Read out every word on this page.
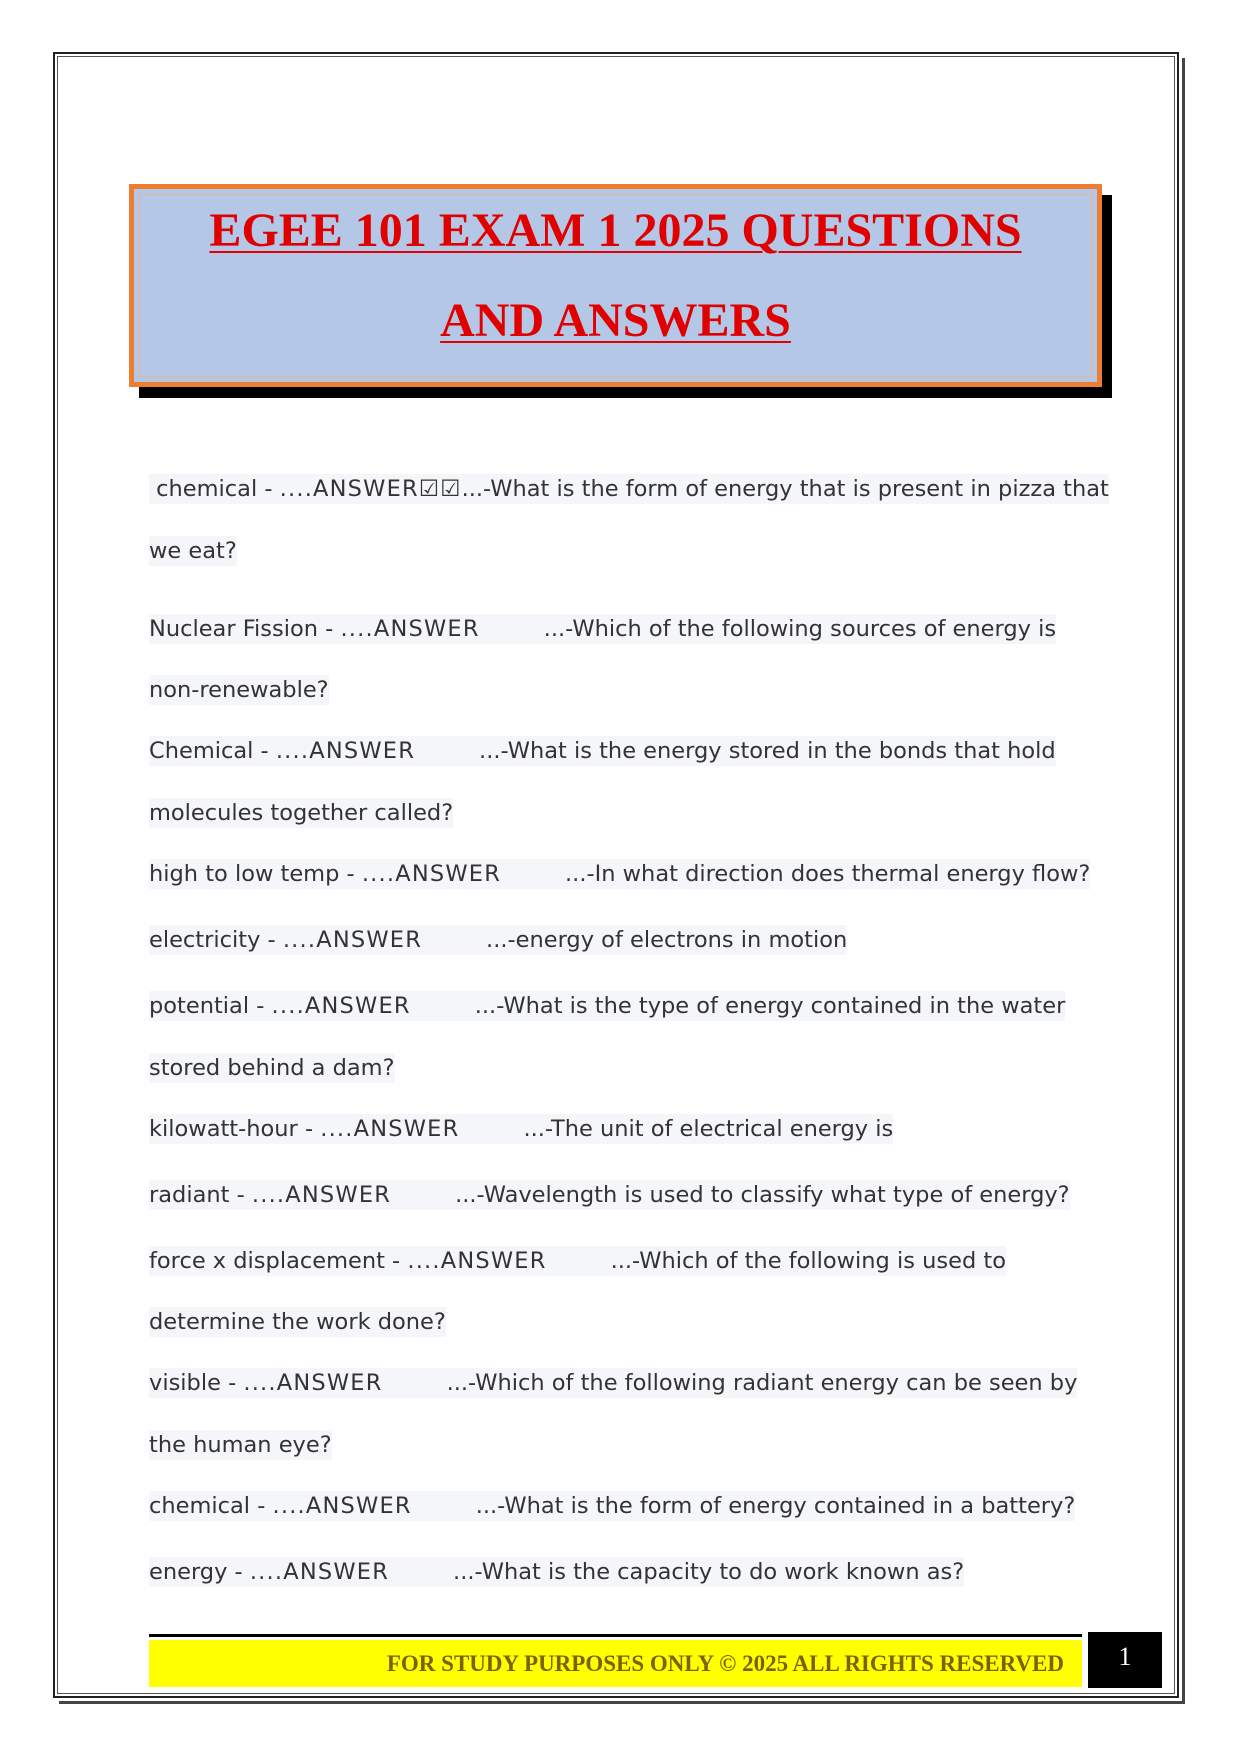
EGEE 101 EXAM 1 2025 QUESTIONS
AND ANSWERS

chemical - ....ANSWER☑☑...-What is the form of energy that is present in pizza that

we eat?

Nuclear Fission - ....ANSWER	...-Which of the following sources of energy is

non-renewable?

Chemical - ....ANSWER	...-What is the energy stored in the bonds that hold

molecules together called?

high to low temp - ....ANSWER	...-In what direction does thermal energy flow?

electricity - ....ANSWER	...-energy of electrons in motion

potential - ....ANSWER	...-What is the type of energy contained in the water

stored behind a dam?

kilowatt-hour - ....ANSWER	...-The unit of electrical energy is

radiant - ....ANSWER	...-Wavelength is used to classify what type of energy?

force x displacement - ....ANSWER	...-Which of the following is used to

determine the work done?

visible - ....ANSWER	...-Which of the following radiant energy can be seen by

the human eye?

chemical - ....ANSWER	...-What is the form of energy contained in a battery?

energy - ....ANSWER	...-What is the capacity to do work known as?

FOR STUDY PURPOSES ONLY © 2025 ALL RIGHTS RESERVED	1
